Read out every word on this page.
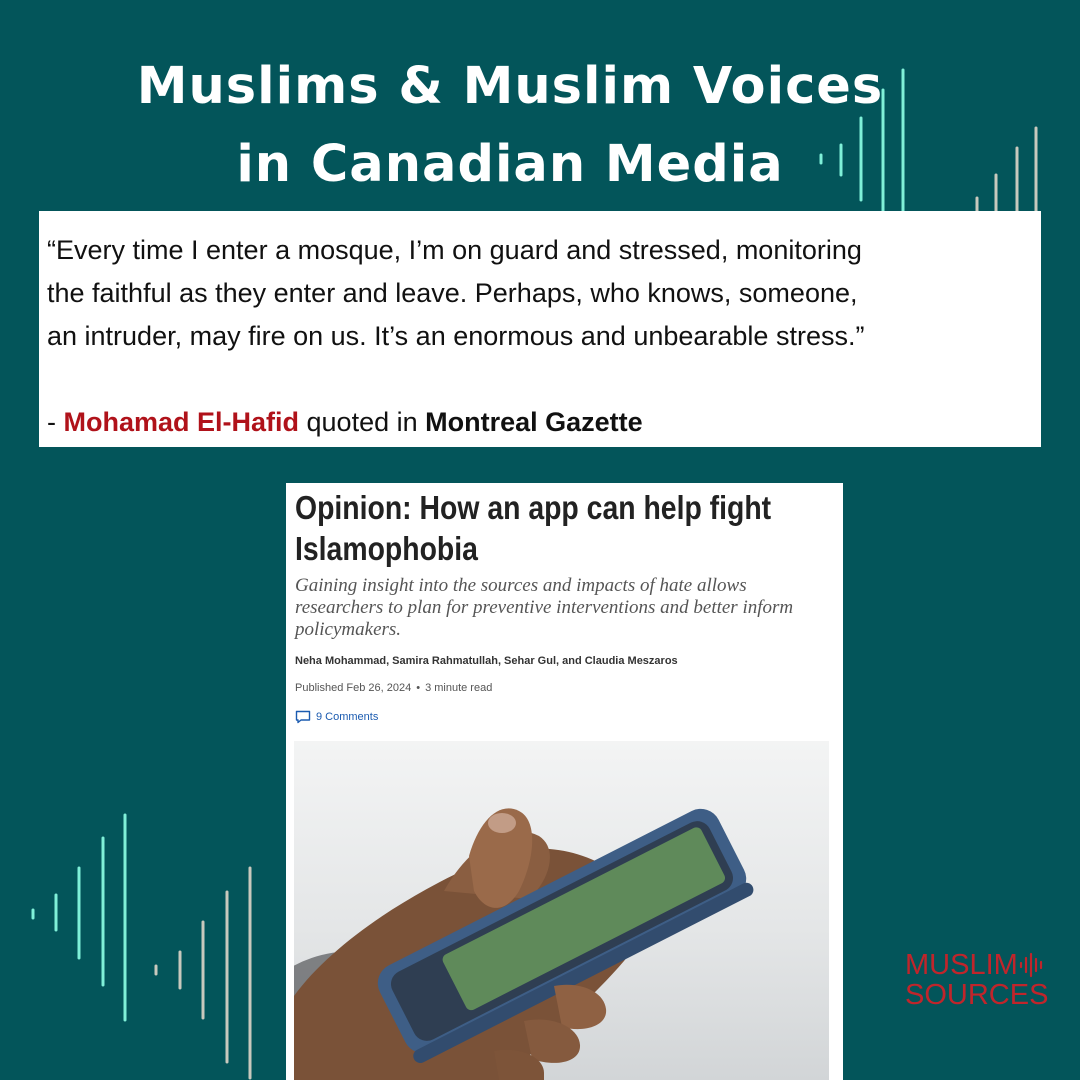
Muslims & Muslim Voices
in Canadian Media

“Every time I enter a mosque, I’m on guard and stressed, monitoring
the faithful as they enter and leave. Perhaps, who knows, someone,
an intruder, may fire on us. It’s an enormous and unbearable stress.”

- Mohamad El-Hafid quoted in Montreal Gazette
Opinion: How an app can help fight Islamophobia
Gaining insight into the sources and impacts of hate allows researchers to plan for preventive interventions and better inform policymakers.
Neha Mohammad, Samira Rahmatullah, Sehar Gul, and Claudia Meszaros
Published Feb 26, 2024 • 3 minute read
9 Comments
MUSLIM
SOURCES
